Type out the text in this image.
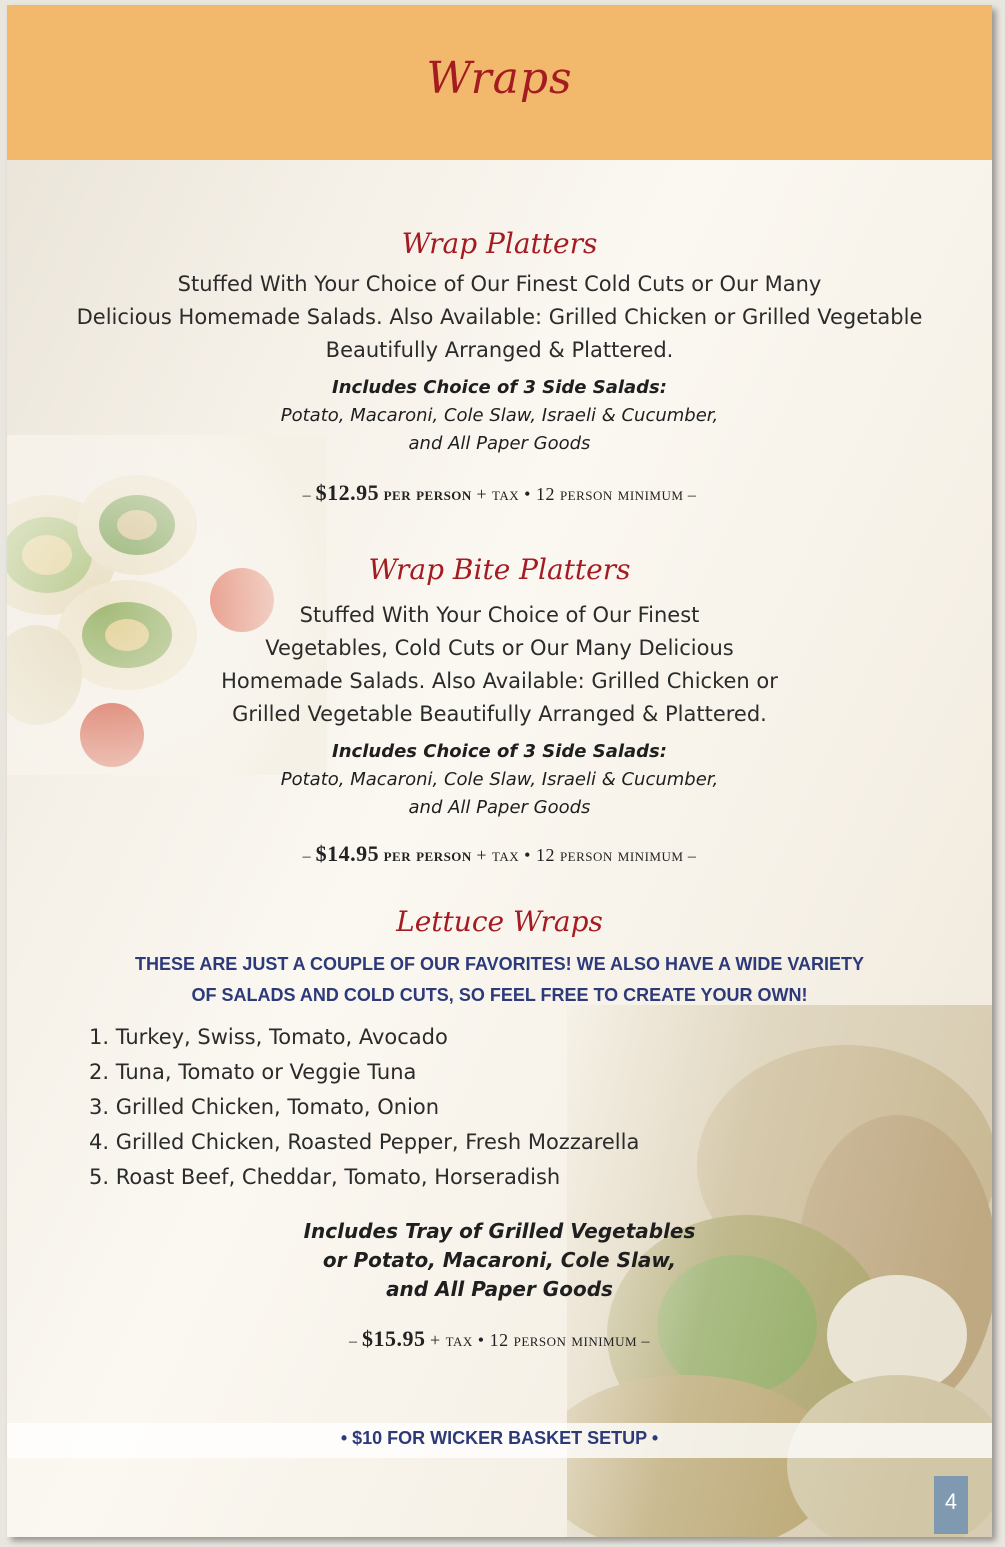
Wraps
Wrap Platters
Stuffed With Your Choice of Our Finest Cold Cuts or Our Many
Delicious Homemade Salads. Also Available: Grilled Chicken or Grilled Vegetable
Beautifully Arranged & Plattered.
Includes Choice of 3 Side Salads:
Potato, Macaroni, Cole Slaw, Israeli & Cucumber,
and All Paper Goods
– $12.95 per person + tax • 12 person minimum –
Wrap Bite Platters
Stuffed With Your Choice of Our Finest
Vegetables, Cold Cuts or Our Many Delicious
Homemade Salads. Also Available: Grilled Chicken or
Grilled Vegetable Beautifully Arranged & Plattered.
Includes Choice of 3 Side Salads:
Potato, Macaroni, Cole Slaw, Israeli & Cucumber,
and All Paper Goods
– $14.95 per person + tax • 12 person minimum –
Lettuce Wraps
THESE ARE JUST A COUPLE OF OUR FAVORITES! WE ALSO HAVE A WIDE VARIETY
OF SALADS AND COLD CUTS, SO FEEL FREE TO CREATE YOUR OWN!
1. Turkey, Swiss, Tomato, Avocado
2. Tuna, Tomato or Veggie Tuna
3. Grilled Chicken, Tomato, Onion
4. Grilled Chicken, Roasted Pepper, Fresh Mozzarella
5. Roast Beef, Cheddar, Tomato, Horseradish
Includes Tray of Grilled Vegetables
or Potato, Macaroni, Cole Slaw,
and All Paper Goods
– $15.95 + tax • 12 person minimum –
• $10 FOR WICKER BASKET SETUP •
4
